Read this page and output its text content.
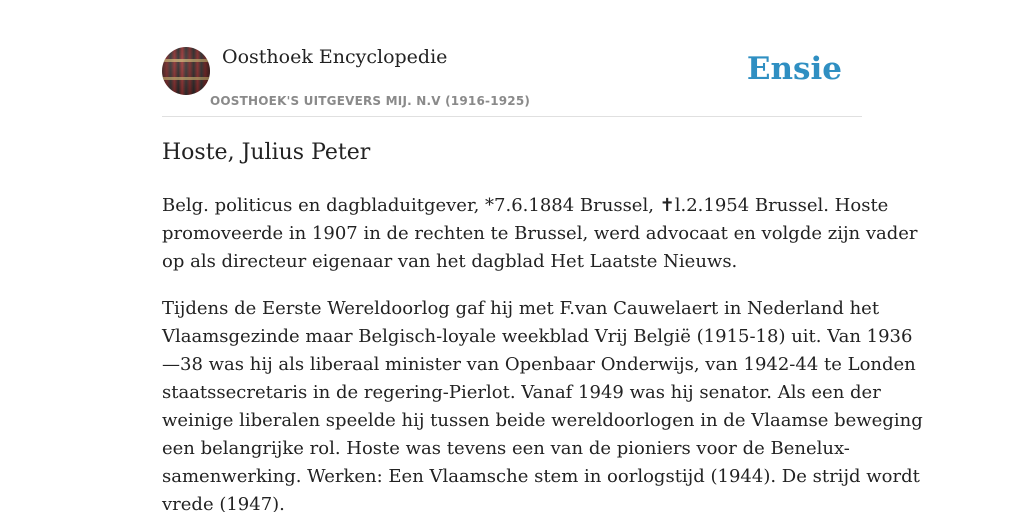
Oosthoek Encyclopedie
OOSTHOEK'S UITGEVERS MIJ. N.V (1916-1925)
Ensie
Hoste, Julius Peter

Belg. politicus en dagbladuitgever, *7.6.1884 Brussel, ✝l.2.1954 Brussel. Hoste
promoveerde in 1907 in de rechten te Brussel, werd advocaat en volgde zijn vader
op als directeur eigenaar van het dagblad Het Laatste Nieuws.

Tijdens de Eerste Wereldoorlog gaf hij met F.van Cauwelaert in Nederland het
Vlaamsgezinde maar Belgisch-loyale weekblad Vrij België (1915-18) uit. Van 1936
—38 was hij als liberaal minister van Openbaar Onderwijs, van 1942-44 te Londen
staatssecretaris in de regering-Pierlot. Vanaf 1949 was hij senator. Als een der
weinige liberalen speelde hij tussen beide wereldoorlogen in de Vlaamse beweging
een belangrijke rol. Hoste was tevens een van de pioniers voor de Benelux-
samenwerking. Werken: Een Vlaamsche stem in oorlogstijd (1944). De strijd wordt
vrede (1947).
